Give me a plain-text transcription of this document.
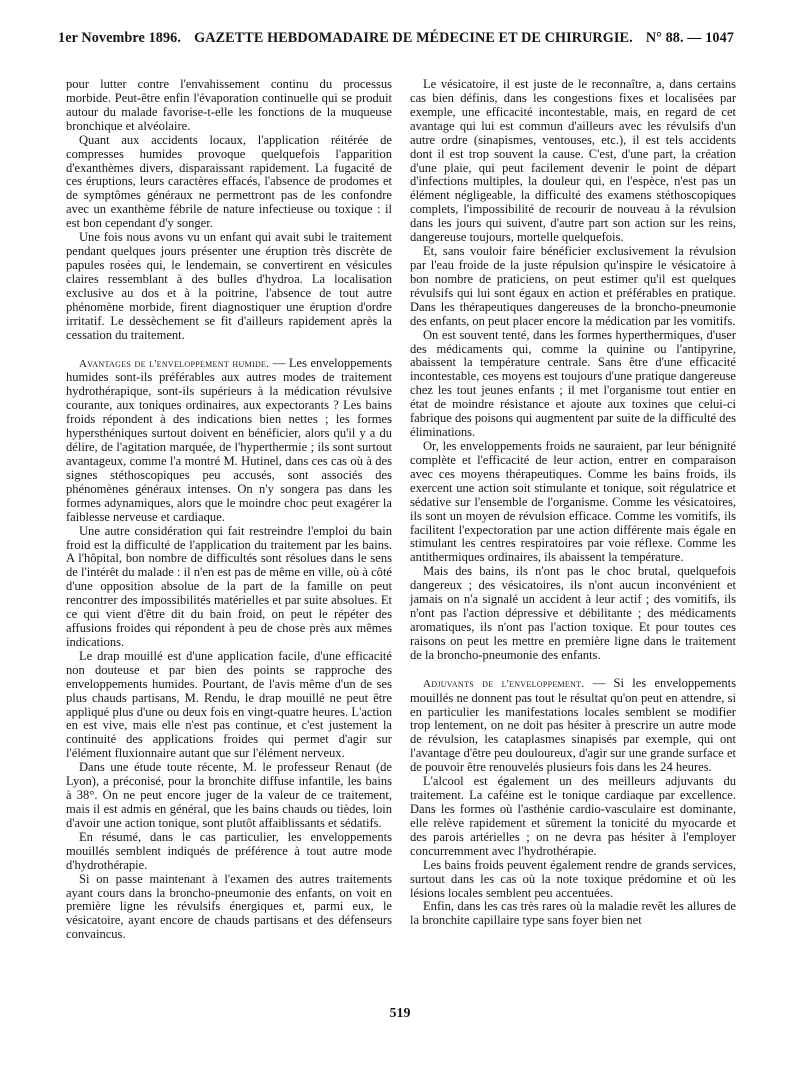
1er Novembre 1896. GAZETTE HEBDOMADAIRE DE MÉDECINE ET DE CHIRURGIE. N° 88. — 1047

pour lutter contre l'envahissement continu du processus morbide. Peut-être enfin l'évaporation continuelle qui se produit autour du malade favorise-t-elle les fonctions de la muqueuse bronchique et alvéolaire.

Quant aux accidents locaux, l'application réitérée de compresses humides provoque quelquefois l'apparition d'exanthèmes divers, disparaissant rapidement. La fugacité de ces éruptions, leurs caractères effacés, l'absence de prodomes et de symptômes généraux ne permettront pas de les confondre avec un exanthème fébrile de nature infectieuse ou toxique : il est bon cependant d'y songer.

Une fois nous avons vu un enfant qui avait subi le traitement pendant quelques jours présenter une éruption très discrète de papules rosées qui, le lendemain, se convertirent en vésicules claires ressemblant à des bulles d'hydroa. La localisation exclusive au dos et à la poitrine, l'absence de tout autre phénomène morbide, firent diagnostiquer une éruption d'ordre irritatif. Le dessèchement se fit d'ailleurs rapidement après la cessation du traitement.

Avantages de l'enveloppement humide. — Les enveloppements humides sont-ils préférables aux autres modes de traitement hydrothérapique, sont-ils supérieurs à la médication révulsive courante, aux toniques ordinaires, aux expectorants ? Les bains froids répondent à des indications bien nettes ; les formes hypersthéniques surtout doivent en bénéficier, alors qu'il y a du délire, de l'agitation marquée, de l'hyperthermie ; ils sont surtout avantageux, comme l'a montré M. Hutinel, dans ces cas où à des signes stéthoscopiques peu accusés, sont associés des phénomènes généraux intenses. On n'y songera pas dans les formes adynamiques, alors que le moindre choc peut exagérer la faiblesse nerveuse et cardiaque.

Une autre considération qui fait restreindre l'emploi du bain froid est la difficulté de l'application du traitement par les bains. A l'hôpital, bon nombre de difficultés sont résolues dans le sens de l'intérêt du malade : il n'en est pas de même en ville, où à côté d'une opposition absolue de la part de la famille on peut rencontrer des impossibilités matérielles et par suite absolues. Et ce qui vient d'être dit du bain froid, on peut le répéter des affusions froides qui répondent à peu de chose près aux mêmes indications.

Le drap mouillé est d'une application facile, d'une efficacité non douteuse et par bien des points se rapproche des enveloppements humides. Pourtant, de l'avis même d'un de ses plus chauds partisans, M. Rendu, le drap mouillé ne peut être appliqué plus d'une ou deux fois en vingt-quatre heures. L'action en est vive, mais elle n'est pas continue, et c'est justement la continuité des applications froides qui permet d'agir sur l'élément fluxionnaire autant que sur l'élément nerveux.

Dans une étude toute récente, M. le professeur Renaut (de Lyon), a préconisé, pour la bronchite diffuse infantile, les bains à 38°. On ne peut encore juger de la valeur de ce traitement, mais il est admis en général, que les bains chauds ou tièdes, loin d'avoir une action tonique, sont plutôt affaiblissants et sédatifs.

En résumé, dans le cas particulier, les enveloppements mouillés semblent indiqués de préférence à tout autre mode d'hydrothérapie.

Si on passe maintenant à l'examen des autres traitements ayant cours dans la broncho-pneumonie des enfants, on voit en première ligne les révulsifs énergiques et, parmi eux, le vésicatoire, ayant encore de chauds partisans et des défenseurs convaincus.

Le vésicatoire, il est juste de le reconnaître, a, dans certains cas bien définis, dans les congestions fixes et localisées par exemple, une efficacité incontestable, mais, en regard de cet avantage qui lui est commun d'ailleurs avec les révulsifs d'un autre ordre (sinapismes, ventouses, etc.), il est tels accidents dont il est trop souvent la cause. C'est, d'une part, la création d'une plaie, qui peut facilement devenir le point de départ d'infections multiples, la douleur qui, en l'espèce, n'est pas un élément négligeable, la difficulté des examens stéthoscopiques complets, l'impossibilité de recourir de nouveau à la révulsion dans les jours qui suivent, d'autre part son action sur les reins, dangereuse toujours, mortelle quelquefois.

Et, sans vouloir faire bénéficier exclusivement la révulsion par l'eau froide de la juste répulsion qu'inspire le vésicatoire à bon nombre de praticiens, on peut estimer qu'il est quelques révulsifs qui lui sont égaux en action et préférables en pratique. Dans les thérapeutiques dangereuses de la broncho-pneumonie des enfants, on peut placer encore la médication par les vomitifs.

On est souvent tenté, dans les formes hyperthermiques, d'user des médicaments qui, comme la quinine ou l'antipyrine, abaissent la température centrale. Sans être d'une efficacité incontestable, ces moyens est toujours d'une pratique dangereuse chez les tout jeunes enfants ; il met l'organisme tout entier en état de moindre résistance et ajoute aux toxines que celui-ci fabrique des poisons qui augmentent par suite de la difficulté des éliminations.

Or, les enveloppements froids ne sauraient, par leur bénignité complète et l'efficacité de leur action, entrer en comparaison avec ces moyens thérapeutiques. Comme les bains froids, ils exercent une action soit stimulante et tonique, soit régulatrice et sédative sur l'ensemble de l'organisme. Comme les vésicatoires, ils sont un moyen de révulsion efficace. Comme les vomitifs, ils facilitent l'expectoration par une action différente mais égale en stimulant les centres respiratoires par voie réflexe. Comme les antithermiques ordinaires, ils abaissent la température.

Mais des bains, ils n'ont pas le choc brutal, quelquefois dangereux ; des vésicatoires, ils n'ont aucun inconvénient et jamais on n'a signalé un accident à leur actif ; des vomitifs, ils n'ont pas l'action dépressive et débilitante ; des médicaments aromatiques, ils n'ont pas l'action toxique. Et pour toutes ces raisons on peut les mettre en première ligne dans le traitement de la broncho-pneumonie des enfants.

Adjuvants de l'enveloppement. — Si les enveloppements mouillés ne donnent pas tout le résultat qu'on peut en attendre, si en particulier les manifestations locales semblent se modifier trop lentement, on ne doit pas hésiter à prescrire un autre mode de révulsion, les cataplasmes sinapisés par exemple, qui ont l'avantage d'être peu douloureux, d'agir sur une grande surface et de pouvoir être renouvelés plusieurs fois dans les 24 heures.

L'alcool est également un des meilleurs adjuvants du traitement. La caféine est le tonique cardiaque par excellence. Dans les formes où l'asthénie cardio-vasculaire est dominante, elle relève rapidement et sûrement la tonicité du myocarde et des parois artérielles ; on ne devra pas hésiter à l'employer concurremment avec l'hydrothérapie.

Les bains froids peuvent également rendre de grands services, surtout dans les cas où la note toxique prédomine et où les lésions locales semblent peu accentuées.

Enfin, dans les cas très rares où la maladie revêt les allures de la bronchite capillaire type sans foyer bien net

519
